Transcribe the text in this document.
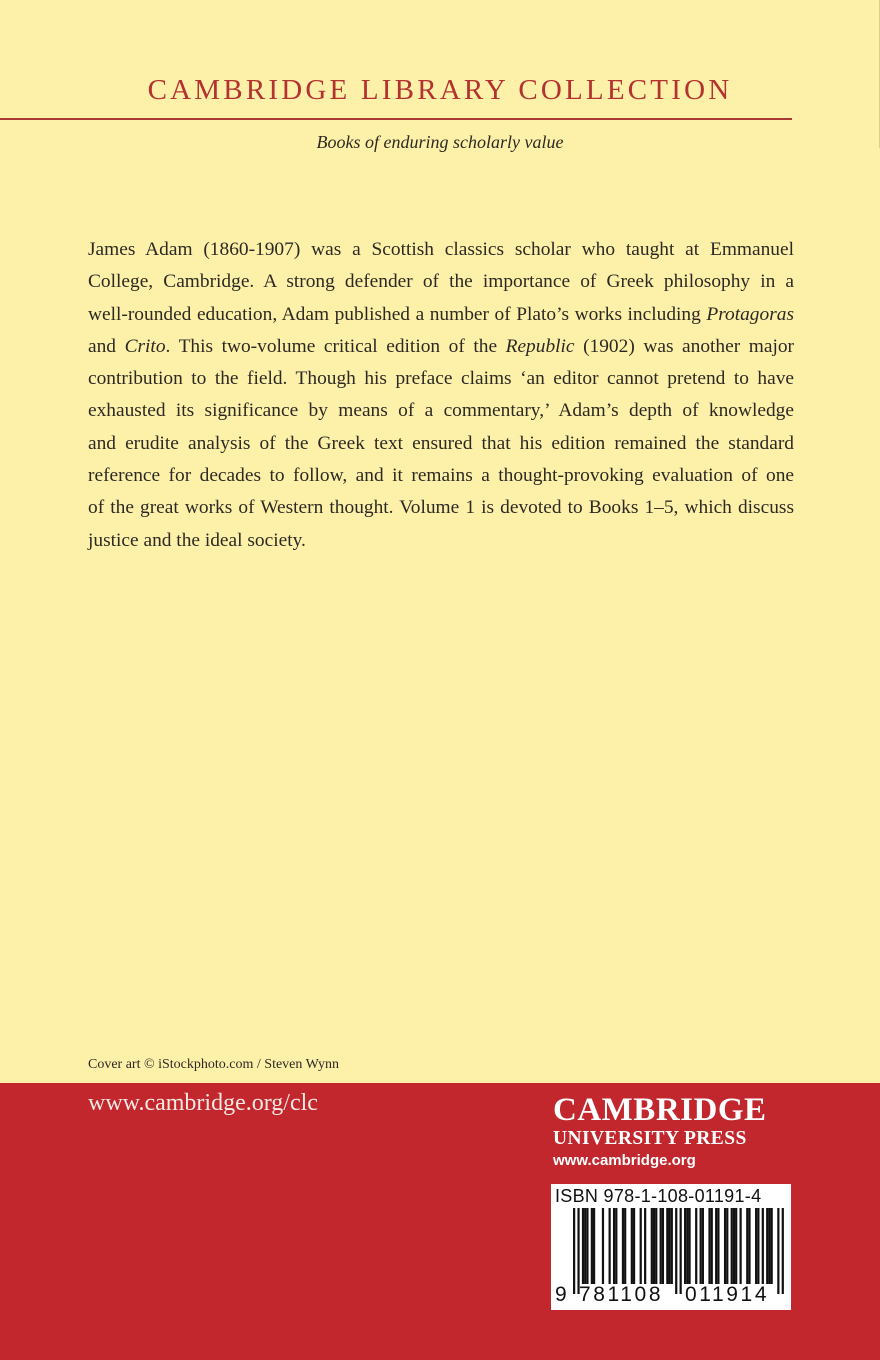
CAMBRIDGE LIBRARY COLLECTION
Books of enduring scholarly value
James Adam (1860-1907) was a Scottish classics scholar who taught at Emmanuel
College, Cambridge. A strong defender of the importance of Greek philosophy in a
well-rounded education, Adam published a number of Plato’s works including Protagoras
and Crito. This two-volume critical edition of the Republic (1902) was another major
contribution to the field. Though his preface claims ‘an editor cannot pretend to have
exhausted its significance by means of a commentary,’ Adam’s depth of knowledge
and erudite analysis of the Greek text ensured that his edition remained the standard
reference for decades to follow, and it remains a thought-provoking evaluation of one
of the great works of Western thought. Volume 1 is devoted to Books 1–5, which discuss
justice and the ideal society.
Cover art © iStockphoto.com / Steven Wynn
www.cambridge.org/clc	CAMBRIDGE
UNIVERSITY PRESS
www.cambridge.org
ISBN 978-1-108-01191-4
9 781108 011914
